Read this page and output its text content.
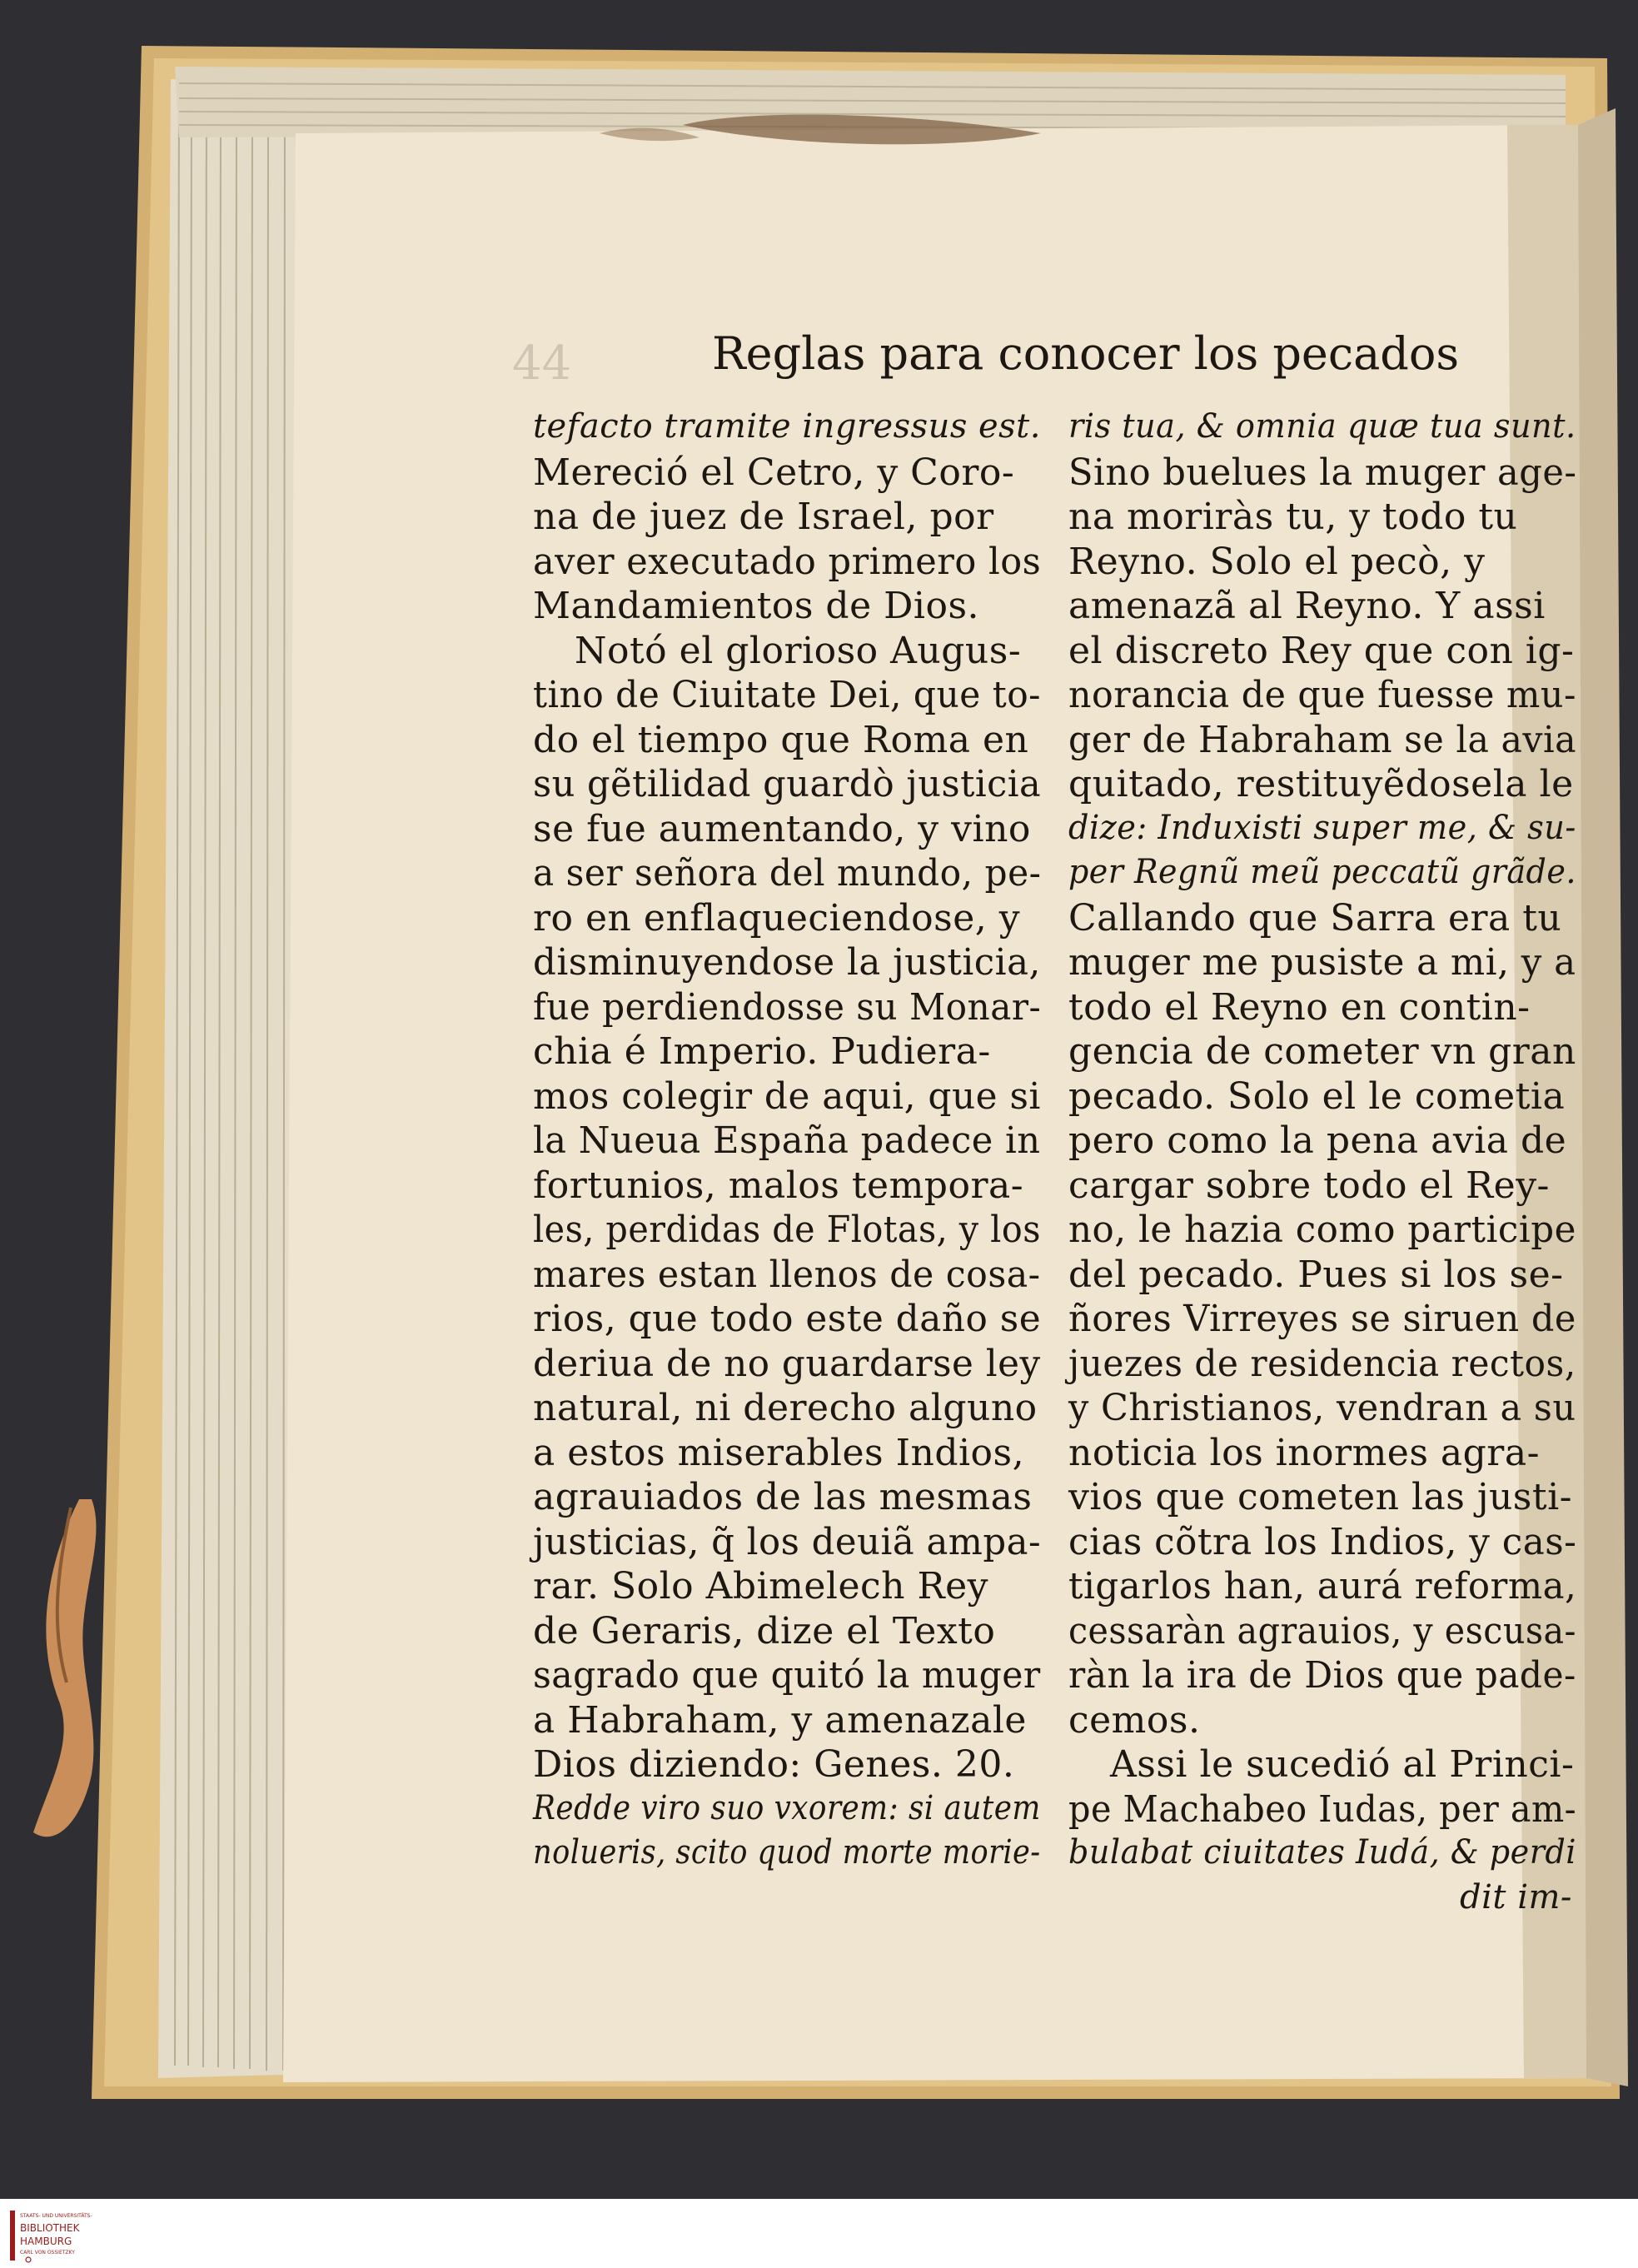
44	Reglas para conocer los pecados
tefacto tramite ingressus est.
Mereció el Cetro, y Coro-
na de juez de Israel, por
aver executado primero los
Mandamientos de Dios.
Notó el glorioso Augus-
tino de Ciuitate Dei, que to-
do el tiempo que Roma en
su gẽtilidad guardò justicia
se fue aumentando, y vino
a ser señora del mundo, pe-
ro en enflaqueciendose, y
disminuyendose la justicia,
fue perdiendosse su Monar-
chia é Imperio. Pudiera-
mos colegir de aqui, que si
la Nueua España padece in
fortunios, malos tempora-
les, perdidas de Flotas, y los
mares estan llenos de cosa-
rios, que todo este daño se
deriua de no guardarse ley
natural, ni derecho alguno
a estos miserables Indios,
agrauiados de las mesmas
justicias, q̃ los deuiã ampa-
rar. Solo Abimelech Rey
de Geraris, dize el Texto
sagrado que quitó la muger
a Habraham, y amenazale
Dios diziendo: Genes. 20.
Redde viro suo vxorem: si autem
nolueris, scito quod morte morie-
ris tua, & omnia quæ tua sunt.
Sino buelues la muger age-
na moriràs tu, y todo tu
Reyno. Solo el pecò, y
amenazã al Reyno. Y assi
el discreto Rey que con ig-
norancia de que fuesse mu-
ger de Habraham se la avia
quitado, restituyẽdosela le
dize: Induxisti super me, & su-
per Regnũ meũ peccatũ grãde.
Callando que Sarra era tu
muger me pusiste a mi, y a
todo el Reyno en contin-
gencia de cometer vn gran
pecado. Solo el le cometia
pero como la pena avia de
cargar sobre todo el Rey-
no, le hazia como participe
del pecado. Pues si los se-
ñores Virreyes se siruen de
juezes de residencia rectos,
y Christianos, vendran a su
noticia los inormes agra-
vios que cometen las justi-
cias cõtra los Indios, y cas-
tigarlos han, aurá reforma,
cessaràn agrauios, y escusa-
ràn la ira de Dios que pade-
cemos.
Assi le sucedió al Princi-
pe Machabeo Iudas, per am-
bulabat ciuitates Iudá, & perdi
dit im-
STAATS- UND UNIVERSITÄTS-
BIBLIOTHEK
HAMBURG
CARL VON OSSIETZKY
